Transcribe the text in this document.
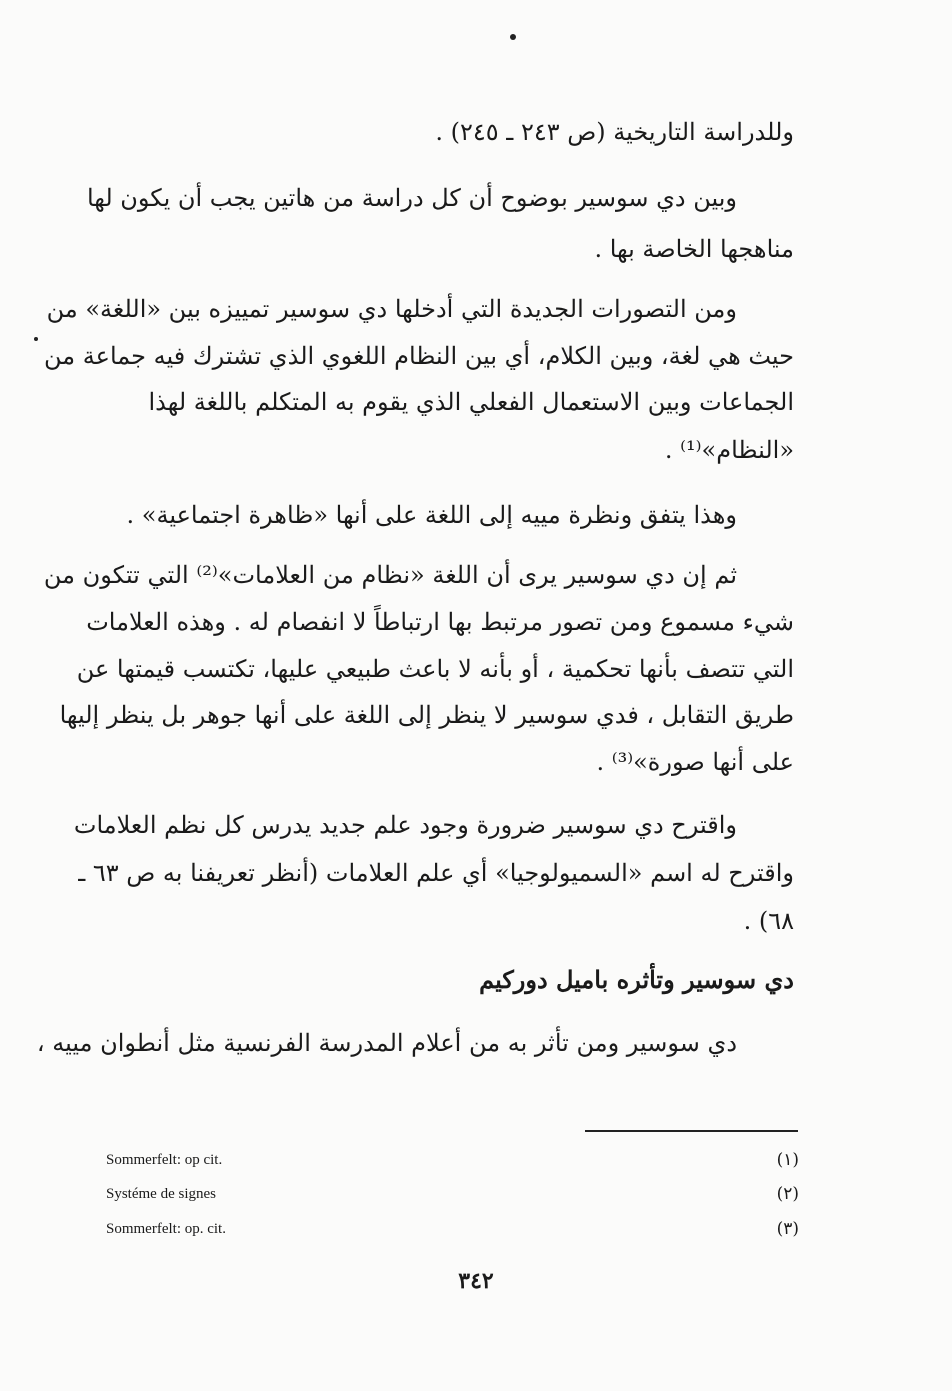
وللدراسة التاريخية (ص ٢٤٣ ـ ٢٤٥) .
وبين دي سوسير بوضوح أن كل دراسة من هاتين يجب أن يكون لها
مناهجها الخاصة بها .
ومن التصورات الجديدة التي أدخلها دي سوسير تمييزه بين «اللغة» من
حيث هي لغة، وبين الكلام، أي بين النظام اللغوي الذي تشترك فيه جماعة من
الجماعات وبين الاستعمال الفعلي الذي يقوم به المتكلم باللغة لهذا
«النظام»⁽¹⁾ .
وهذا يتفق ونظرة مييه إلى اللغة على أنها «ظاهرة اجتماعية» .
ثم إن دي سوسير يرى أن اللغة «نظام من العلامات»⁽²⁾ التي تتكون من
شيء مسموع ومن تصور مرتبط بها ارتباطاً لا انفصام له . وهذه العلامات
التي تتصف بأنها تحكمية ، أو بأنه لا باعث طبيعي عليها، تكتسب قيمتها عن
طريق التقابل ، فدي سوسير لا ينظر إلى اللغة على أنها جوهر بل ينظر إليها
على أنها صورة»⁽³⁾ .
واقترح دي سوسير ضرورة وجود علم جديد يدرس كل نظم العلامات
واقترح له اسم «السميولوجيا» أي علم العلامات (أنظر تعريفنا به ص ٦٣ ـ
٦٨) .
دي سوسير وتأثره باميل دوركيم
دي سوسير ومن تأثر به من أعلام المدرسة الفرنسية مثل أنطوان مييه ،
Sommerfelt: op cit.	(١)
Systéme de signes	(٢)
Sommerfelt: op. cit.	(٣)
٣٤٢
